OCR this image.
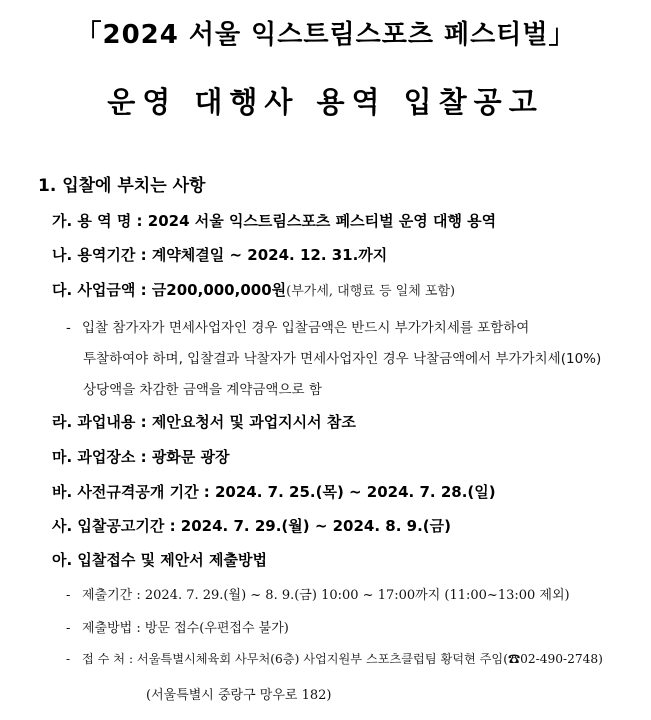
「2024 서울 익스트림스포츠 페스티벌」
운영 대행사 용역 입찰공고
1. 입찰에 부치는 사항
가. 용 역 명 : 2024 서울 익스트림스포츠 페스티벌 운영 대행 용역
나. 용역기간 : 계약체결일 ~ 2024. 12. 31.까지
다. 사업금액 : 금200,000,000원(부가세, 대행료 등 일체 포함)
- 입찰 참가자가 면세사업자인 경우 입찰금액은 반드시 부가가치세를 포함하여
투찰하여야 하며, 입찰결과 낙찰자가 면세사업자인 경우 낙찰금액에서 부가가치세(10%)
상당액을 차감한 금액을 계약금액으로 함
라. 과업내용 : 제안요청서 및 과업지시서 참조
마. 과업장소 : 광화문 광장
바. 사전규격공개 기간 : 2024. 7. 25.(목) ~ 2024. 7. 28.(일)
사. 입찰공고기간 : 2024. 7. 29.(월) ~ 2024. 8. 9.(금)
아. 입찰접수 및 제안서 제출방법
- 제출기간 : 2024. 7. 29.(월) ~ 8. 9.(금) 10:00 ~ 17:00까지 (11:00~13:00 제외)
- 제출방법 : 방문 접수(우편접수 불가)
- 접 수 처 : 서울특별시체육회 사무처(6층) 사업지원부 스포츠클럽팀 황덕현 주임(☎02-490-2748)
(서울특별시 중랑구 망우로 182)
